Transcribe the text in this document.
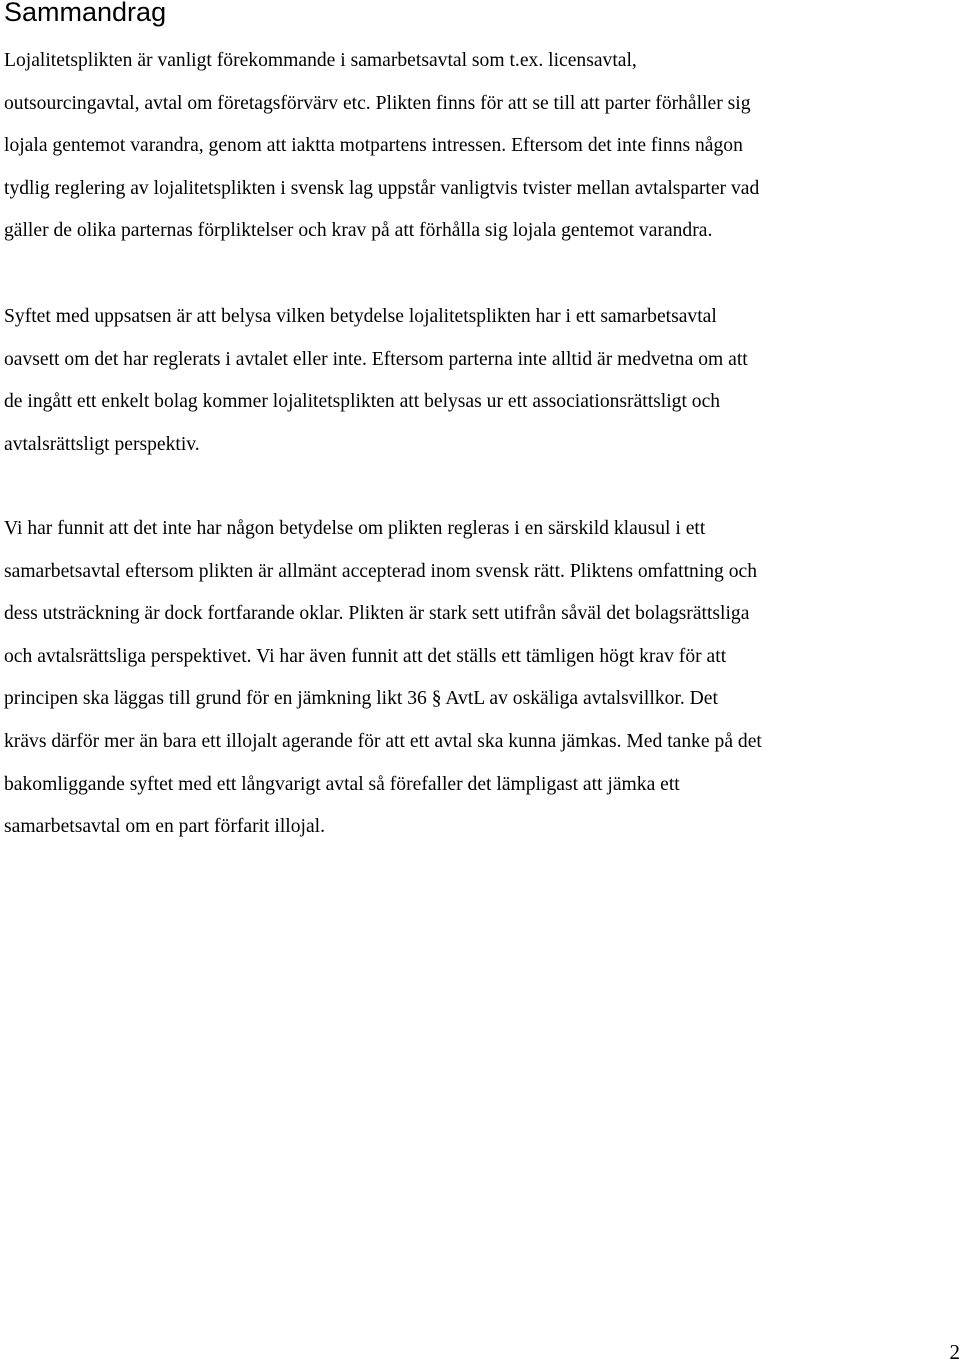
Sammandrag
Lojalitetsplikten är vanligt förekommande i samarbetsavtal som t.ex. licensavtal,
outsourcingavtal, avtal om företagsförvärv etc. Plikten finns för att se till att parter förhåller sig
lojala gentemot varandra, genom att iaktta motpartens intressen. Eftersom det inte finns någon
tydlig reglering av lojalitetsplikten i svensk lag uppstår vanligtvis tvister mellan avtalsparter vad
gäller de olika parternas förpliktelser och krav på att förhålla sig lojala gentemot varandra.
Syftet med uppsatsen är att belysa vilken betydelse lojalitetsplikten har i ett samarbetsavtal
oavsett om det har reglerats i avtalet eller inte. Eftersom parterna inte alltid är medvetna om att
de ingått ett enkelt bolag kommer lojalitetsplikten att belysas ur ett associationsrättsligt och
avtalsrättsligt perspektiv.
Vi har funnit att det inte har någon betydelse om plikten regleras i en särskild klausul i ett
samarbetsavtal eftersom plikten är allmänt accepterad inom svensk rätt. Pliktens omfattning och
dess utsträckning är dock fortfarande oklar. Plikten är stark sett utifrån såväl det bolagsrättsliga
och avtalsrättsliga perspektivet. Vi har även funnit att det ställs ett tämligen högt krav för att
principen ska läggas till grund för en jämkning likt 36 § AvtL av oskäliga avtalsvillkor. Det
krävs därför mer än bara ett illojalt agerande för att ett avtal ska kunna jämkas. Med tanke på det
bakomliggande syftet med ett långvarigt avtal så förefaller det lämpligast att jämka ett
samarbetsavtal om en part förfarit illojal.
2
